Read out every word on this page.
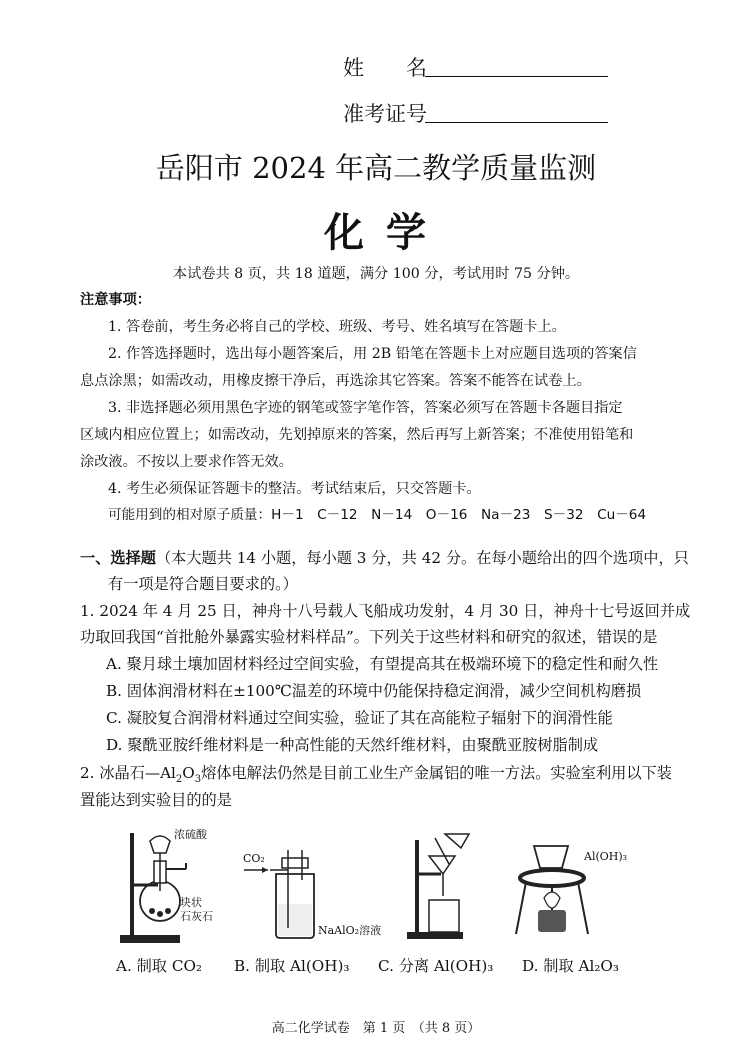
姓　　名
准考证号
岳阳市 2024 年高二教学质量监测
化学
本试卷共 8 页，共 18 道题，满分 100 分，考试用时 75 分钟。
注意事项：
1. 答卷前，考生务必将自己的学校、班级、考号、姓名填写在答题卡上。
2. 作答选择题时，选出每小题答案后，用 2B 铅笔在答题卡上对应题目选项的答案信
息点涂黑；如需改动，用橡皮擦干净后，再选涂其它答案。答案不能答在试卷上。
3. 非选择题必须用黑色字迹的钢笔或签字笔作答，答案必须写在答题卡各题目指定
区域内相应位置上；如需改动，先划掉原来的答案，然后再写上新答案；不准使用铅笔和
涂改液。不按以上要求作答无效。
4. 考生必须保证答题卡的整洁。考试结束后，只交答题卡。
可能用到的相对原子质量：H－1　C－12　N－14　O－16　Na－23　S－32　Cu－64
一、选择题（本大题共 14 小题，每小题 3 分，共 42 分。在每小题给出的四个选项中，只
有一项是符合题目要求的。）
1. 2024 年 4 月 25 日，神舟十八号载人飞船成功发射，4 月 30 日，神舟十七号返回并成
功取回我国“首批舱外暴露实验材料样品”。下列关于这些材料和研究的叙述，错误的是
A. 聚月球土壤加固材料经过空间实验，有望提高其在极端环境下的稳定性和耐久性
B. 固体润滑材料在±100℃温差的环境中仍能保持稳定润滑，减少空间机构磨损
C. 凝胶复合润滑材料通过空间实验，验证了其在高能粒子辐射下的润滑性能
D. 聚酰亚胺纤维材料是一种高性能的天然纤维材料，由聚酰亚胺树脂制成
2. 冰晶石$—Al_2O_3$熔体电解法仍然是目前工业生产金属铝的唯一方法。实验室利用以下装
置能达到实验目的的是
浓硫酸
块状
石灰石
CO₂
NaAlO₂溶液
Al(OH)₃
A. 制取 CO₂ B. 制取 Al(OH)₃ C. 分离 Al(OH)₃ D. 制取 Al₂O₃
高二化学试卷　第 1 页　（共 8 页）
